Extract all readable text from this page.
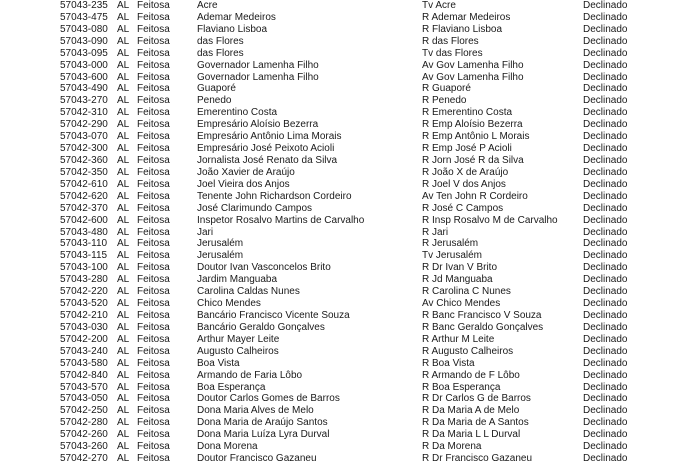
57043-235 AL Feitosa	Acre	Tv Acre	Declinado
57043-475 AL Feitosa	Ademar Medeiros	R Ademar Medeiros	Declinado
57043-080 AL Feitosa	Flaviano Lisboa	R Flaviano Lisboa	Declinado
57043-090 AL Feitosa	das Flores	R das Flores	Declinado
57043-095 AL Feitosa	das Flores	Tv das Flores	Declinado
57043-000 AL Feitosa	Governador Lamenha Filho	Av Gov Lamenha Filho	Declinado
57043-600 AL Feitosa	Governador Lamenha Filho	Av Gov Lamenha Filho	Declinado
57043-490 AL Feitosa	Guaporé	R Guaporé	Declinado
57043-270 AL Feitosa	Penedo	R Penedo	Declinado
57042-310 AL Feitosa	Emerentino Costa	R Emerentino Costa	Declinado
57042-290 AL Feitosa	Empresário Aloísio Bezerra	R Emp Aloísio Bezerra	Declinado
57043-070 AL Feitosa	Empresário Antônio Lima Morais	R Emp Antônio L Morais	Declinado
57042-300 AL Feitosa	Empresário José Peixoto Acioli	R Emp José P Acioli	Declinado
57042-360 AL Feitosa	Jornalista José Renato da Silva	R Jorn José R da Silva	Declinado
57042-350 AL Feitosa	João Xavier de Araújo	R João X de Araújo	Declinado
57042-610 AL Feitosa	Joel Vieira dos Anjos	R Joel V dos Anjos	Declinado
57042-620 AL Feitosa	Tenente John Richardson Cordeiro	Av Ten John R Cordeiro	Declinado
57042-370 AL Feitosa	José Clarimundo Campos	R José C Campos	Declinado
57042-600 AL Feitosa	Inspetor Rosalvo Martins de Carvalho	R Insp Rosalvo M de Carvalho	Declinado
57043-480 AL Feitosa	Jari	R Jari	Declinado
57043-110 AL Feitosa	Jerusalém	R Jerusalém	Declinado
57043-115 AL Feitosa	Jerusalém	Tv Jerusalém	Declinado
57043-100 AL Feitosa	Doutor Ivan Vasconcelos Brito	R Dr Ivan V Brito	Declinado
57043-280 AL Feitosa	Jardim Manguaba	R Jd Manguaba	Declinado
57042-220 AL Feitosa	Carolina Caldas Nunes	R Carolina C Nunes	Declinado
57043-520 AL Feitosa	Chico Mendes	Av Chico Mendes	Declinado
57042-210 AL Feitosa	Bancário Francisco Vicente Souza	R Banc Francisco V Souza	Declinado
57043-030 AL Feitosa	Bancário Geraldo Gonçalves	R Banc Geraldo Gonçalves	Declinado
57042-200 AL Feitosa	Arthur Mayer Leite	R Arthur M Leite	Declinado
57043-240 AL Feitosa	Augusto Calheiros	R Augusto Calheiros	Declinado
57043-580 AL Feitosa	Boa Vista	R Boa Vista	Declinado
57042-840 AL Feitosa	Armando de Faria Lôbo	R Armando de F Lôbo	Declinado
57043-570 AL Feitosa	Boa Esperança	R Boa Esperança	Declinado
57043-050 AL Feitosa	Doutor Carlos Gomes de Barros	R Dr Carlos G de Barros	Declinado
57042-250 AL Feitosa	Dona Maria Alves de Melo	R Da Maria A de Melo	Declinado
57042-280 AL Feitosa	Dona Maria de Araújo Santos	R Da Maria de A Santos	Declinado
57042-260 AL Feitosa	Dona Maria Luíza Lyra Durval	R Da Maria L L Durval	Declinado
57043-260 AL Feitosa	Dona Morena	R Da Morena	Declinado
57042-270 AL Feitosa	Doutor Francisco Gazaneu	R Dr Francisco Gazaneu	Declinado
